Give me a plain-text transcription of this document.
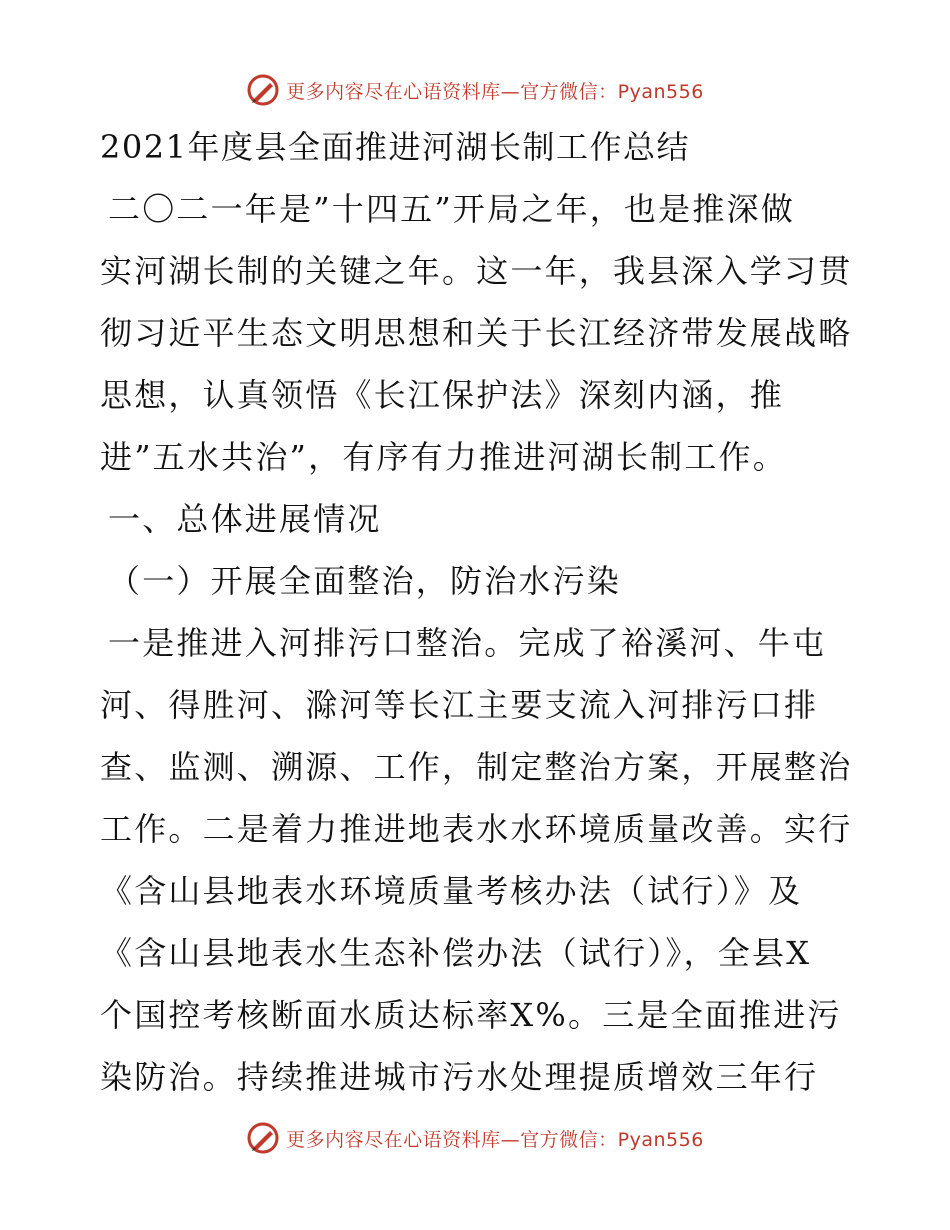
更多内容尽在心语资料库—官方微信：Pyan556
2021年度县全面推进河湖长制工作总结
二〇二一年是”十四五”开局之年，也是推深做
实河湖长制的关键之年。这一年，我县深入学习贯
彻习近平生态文明思想和关于长江经济带发展战略
思想，认真领悟《长江保护法》深刻内涵，推
进”五水共治”，有序有力推进河湖长制工作。
一、总体进展情况
（一）开展全面整治，防治水污染
一是推进入河排污口整治。完成了裕溪河、牛屯
河、得胜河、滁河等长江主要支流入河排污口排
查、监测、溯源、工作，制定整治方案，开展整治
工作。二是着力推进地表水水环境质量改善。实行
《含山县地表水环境质量考核办法（试行）》及
《含山县地表水生态补偿办法（试行）》，全县X
个国控考核断面水质达标率X%。三是全面推进污
染防治。持续推进城市污水处理提质增效三年行
更多内容尽在心语资料库—官方微信：Pyan556
